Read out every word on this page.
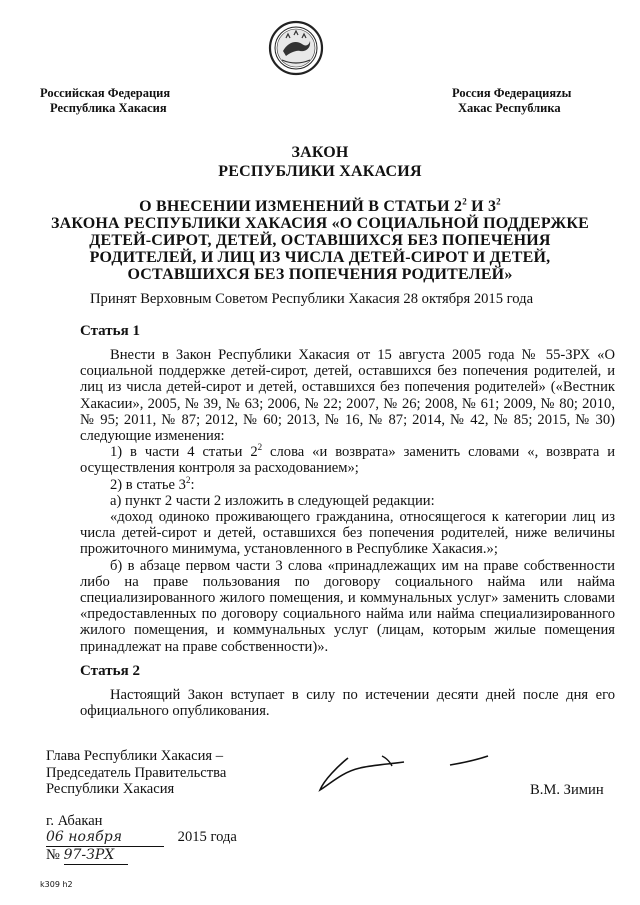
Российская Федерация
Республика Хакасия
Россия Федерацияzы
Хакас Республика
ЗАКОН
РЕСПУБЛИКИ ХАКАСИЯ
О ВНЕСЕНИИ ИЗМЕНЕНИЙ В СТАТЬИ $2^2$ И $3^2$
ЗАКОНА РЕСПУБЛИКИ ХАКАСИЯ «О СОЦИАЛЬНОЙ ПОДДЕРЖКЕ
ДЕТЕЙ-СИРОТ, ДЕТЕЙ, ОСТАВШИХСЯ БЕЗ ПОПЕЧЕНИЯ
РОДИТЕЛЕЙ, И ЛИЦ ИЗ ЧИСЛА ДЕТЕЙ-СИРОТ И ДЕТЕЙ,
ОСТАВШИХСЯ БЕЗ ПОПЕЧЕНИЯ РОДИТЕЛЕЙ»
Принят Верховным Советом Республики Хакасия 28 октября 2015 года
Статья 1

Внести в Закон Республики Хакасия от 15 августа 2005 года № 55-ЗРХ «О социальной поддержке детей-сирот, детей, оставшихся без попечения родителей, и лиц из числа детей-сирот и детей, оставшихся без попечения родителей» («Вестник Хакасии», 2005, № 39, № 63; 2006, № 22; 2007, № 26; 2008, № 61; 2009, № 80; 2010, № 95; 2011, № 87; 2012, № 60; 2013, № 16, № 87; 2014, № 42, № 85; 2015, № 30) следующие изменения:

1) в части 4 статьи $2^2$ слова «и возврата» заменить словами «, возврата и осуществления контроля за расходованием»;

2) в статье $3^2$:

а) пункт 2 части 2 изложить в следующей редакции:

«доход одиноко проживающего гражданина, относящегося к категории лиц из числа детей-сирот и детей, оставшихся без попечения родителей, ниже величины прожиточного минимума, установленного в Республике Хакасия.»;

б) в абзаце первом части 3 слова «принадлежащих им на праве собственности либо на праве пользования по договору социального найма или найма специализированного жилого помещения, и коммунальных услуг» заменить словами «предоставленных по договору социального найма или найма специализированного жилого помещения, и коммунальных услуг (лицам, которым жилые помещения принадлежат на праве собственности)».

Статья 2

Настоящий Закон вступает в силу по истечении десяти дней после дня его официального опубликования.

Глава Республики Хакасия –
Председатель Правительства
Республики Хакасия	В.М. Зимин
г. Абакан
06 ноября	2015 года
№ 97-ЗРХ
k309 h2
